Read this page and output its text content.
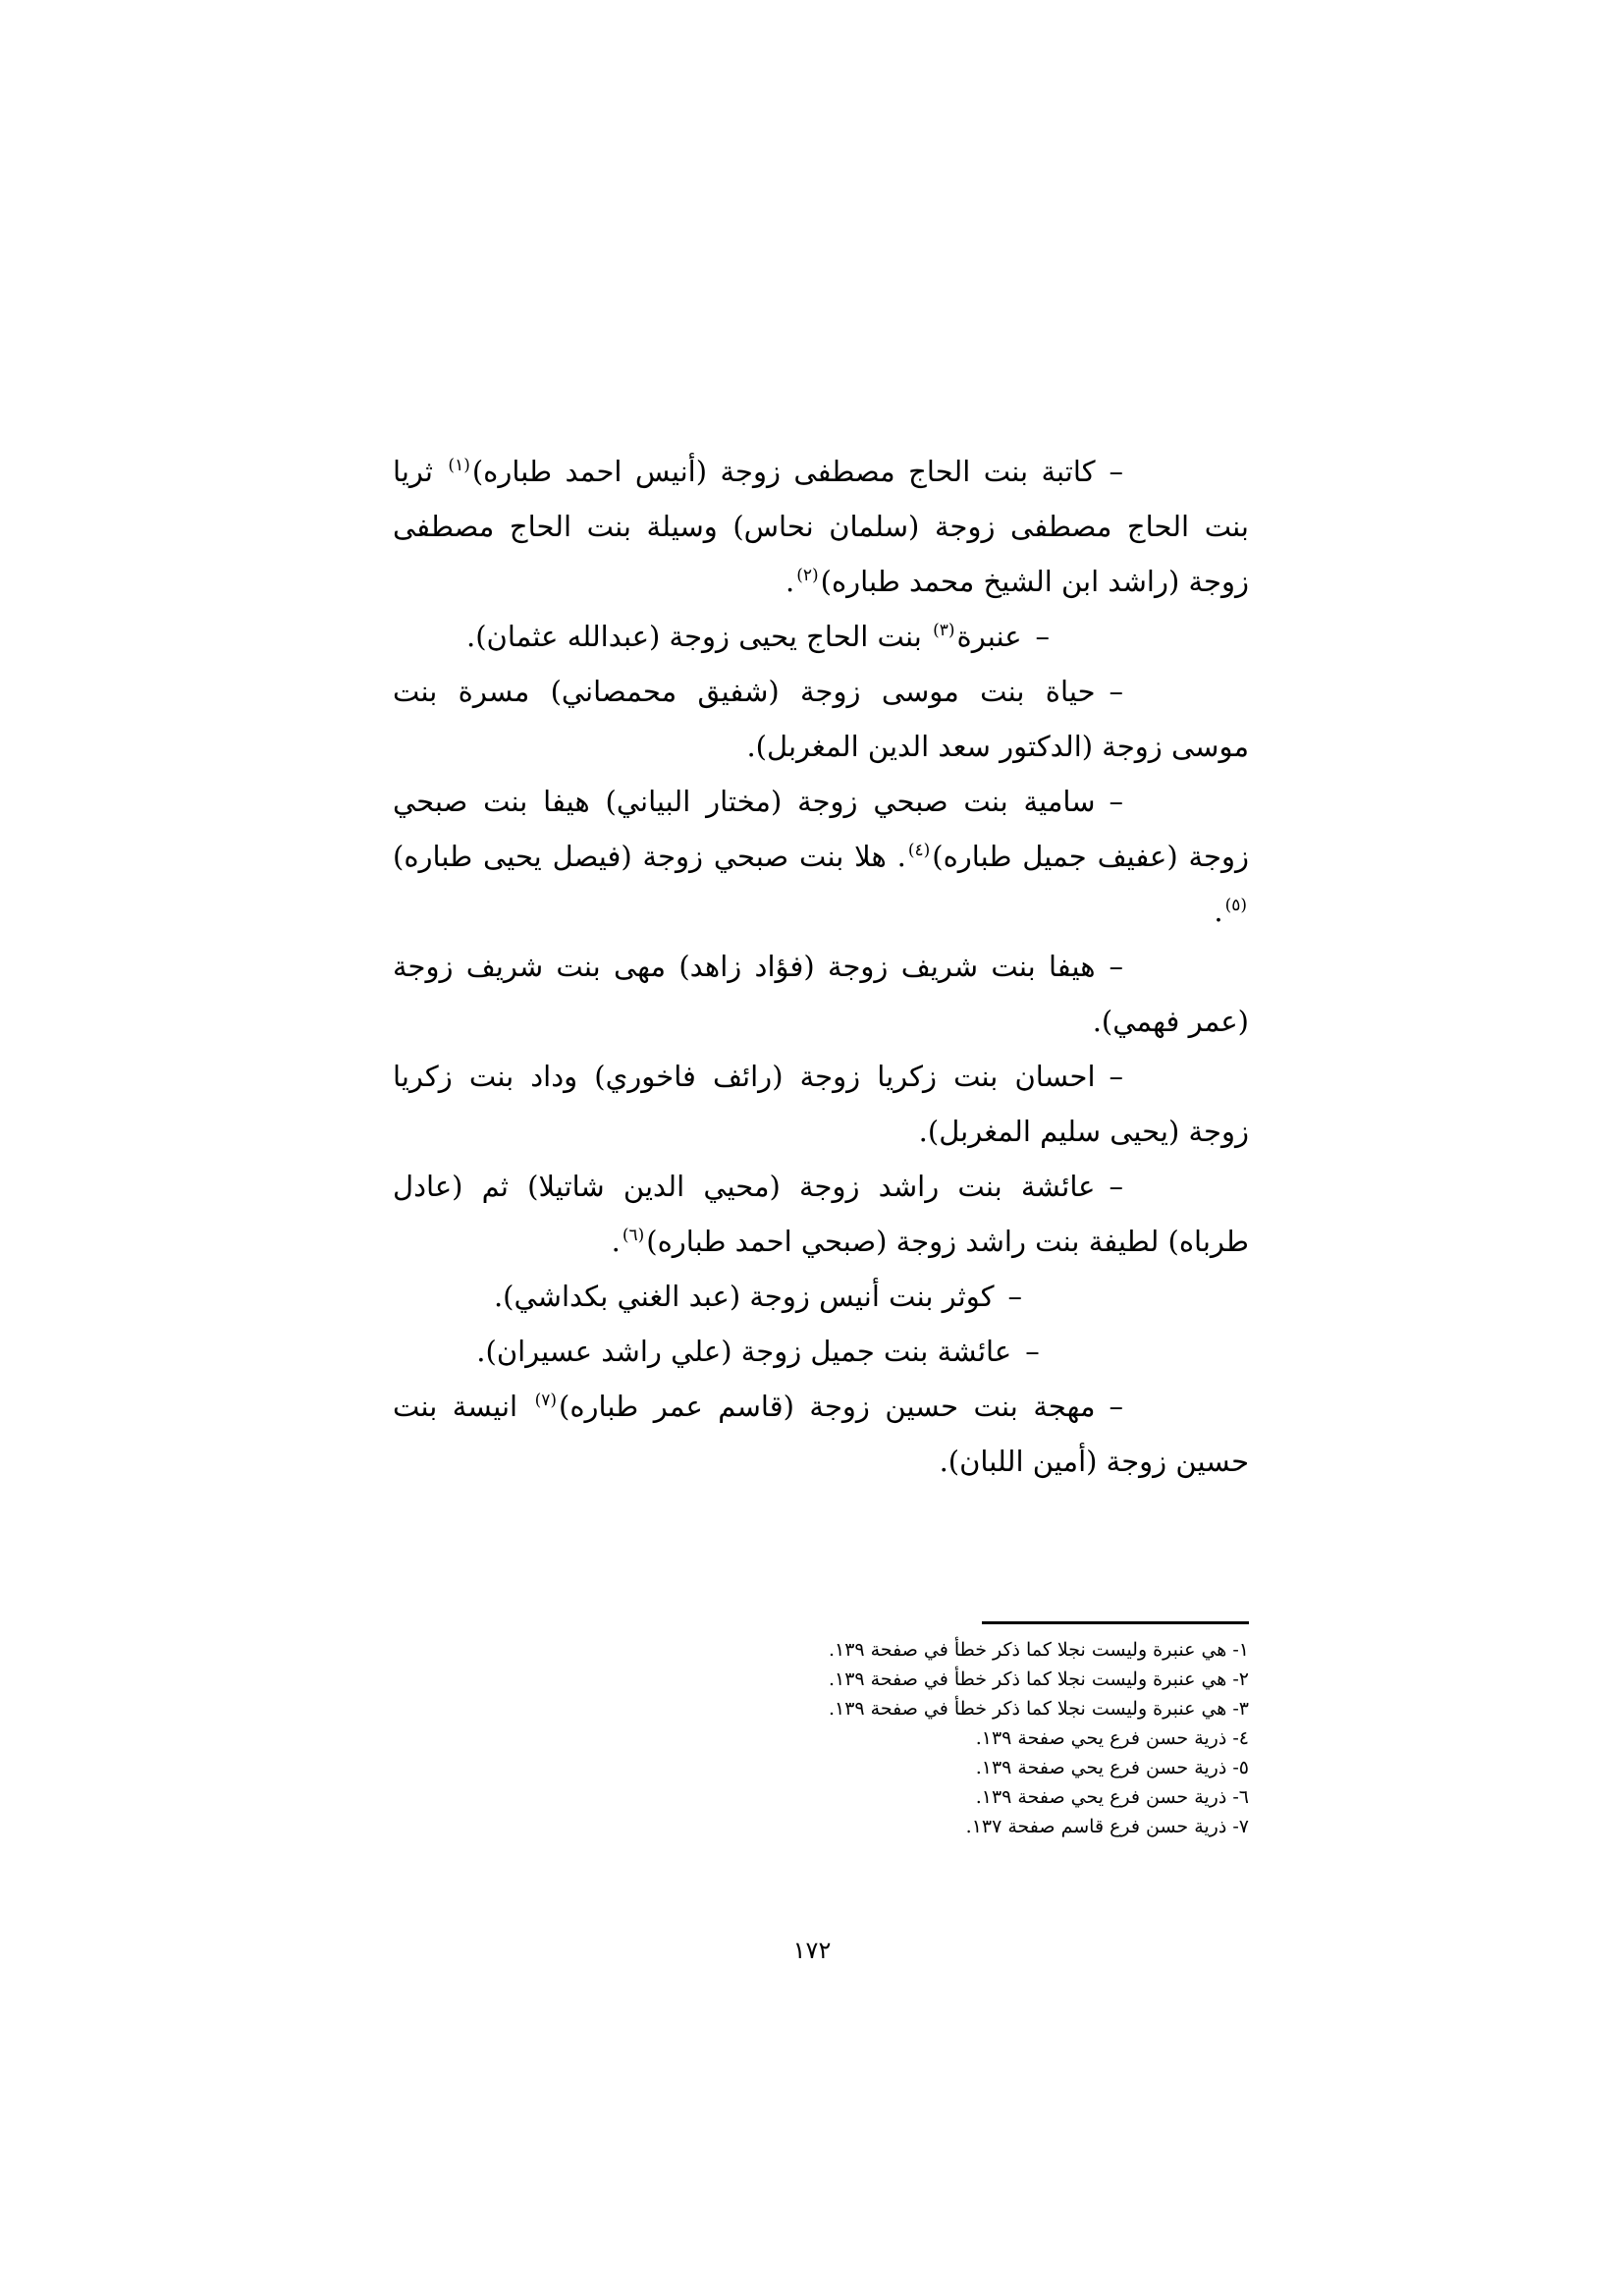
–كاتبة بنت الحاج مصطفى زوجة (أنيس احمد طباره)$^{(١)}$ ثريا بنت الحاج مصطفى زوجة (سلمان نحاس) وسيلة بنت الحاج مصطفى زوجة (راشد ابن الشيخ محمد طباره)$^{(٢)}$.

–عنبرة$^{(٣)}$ بنت الحاج يحيى زوجة (عبدالله عثمان).

–حياة بنت موسى زوجة (شفيق محمصاني) مسرة بنت موسى زوجة (الدكتور سعد الدين المغربل).

–سامية بنت صبحي زوجة (مختار البياني) هيفا بنت صبحي زوجة (عفيف جميل طباره)$^{(٤)}$. هلا بنت صبحي زوجة (فيصل يحيى طباره)$^{(٥)}$.

–هيفا بنت شريف زوجة (فؤاد زاهد) مهى بنت شريف زوجة (عمر فهمي).

–احسان بنت زكريا زوجة (رائف فاخوري) وداد بنت زكريا زوجة (يحيى سليم المغربل).

–عائشة بنت راشد زوجة (محيي الدين شاتيلا) ثم (عادل طرباه) لطيفة بنت راشد زوجة (صبحي احمد طباره)$^{(٦)}$.

–كوثر بنت أنيس زوجة (عبد الغني بكداشي).

–عائشة بنت جميل زوجة (علي راشد عسيران).

–مهجة بنت حسين زوجة (قاسم عمر طباره)$^{(٧)}$ انيسة بنت حسين زوجة (أمين اللبان).

١- هي عنبرة وليست نجلا كما ذكر خطأ في صفحة ١٣٩.

٢- هي عنبرة وليست نجلا كما ذكر خطأ في صفحة ١٣٩.

٣- هي عنبرة وليست نجلا كما ذكر خطأ في صفحة ١٣٩.

٤- ذرية حسن فرع يحي صفحة ١٣٩.

٥- ذرية حسن فرع يحي صفحة ١٣٩.

٦- ذرية حسن فرع يحي صفحة ١٣٩.

٧- ذرية حسن فرع قاسم صفحة ١٣٧.

١٧٢
